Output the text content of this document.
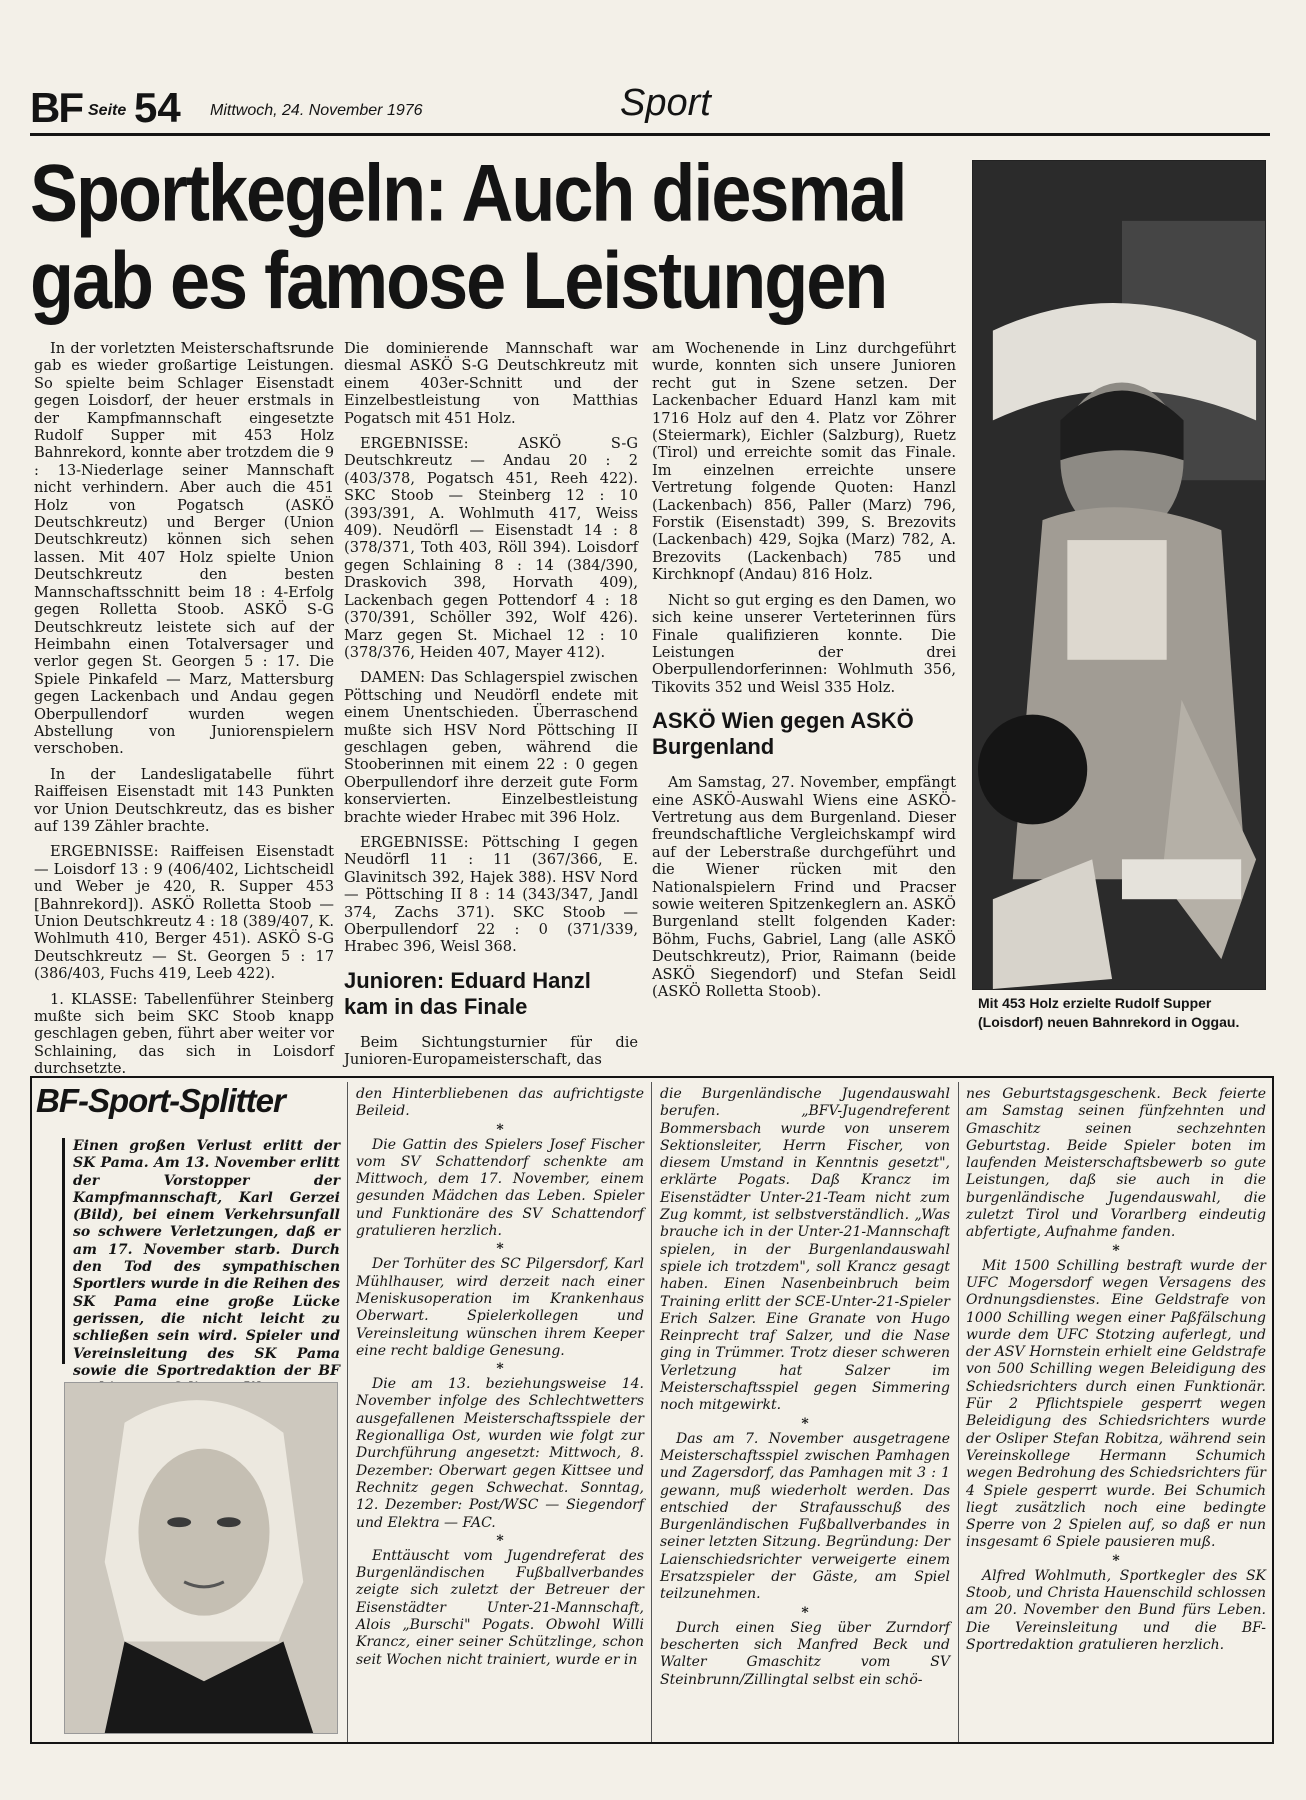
BF Seite 54 Mittwoch, 24. November 1976	Sport
Sportkegeln: Auch diesmal gab es famose Leistungen

In der vorletzten Meisterschaftsrunde gab es wieder großartige Leistungen. So spielte beim Schlager Eisenstadt gegen Loisdorf, der heuer erstmals in der Kampfmannschaft eingesetzte Rudolf Supper mit 453 Holz Bahnrekord, konnte aber trotzdem die 9 : 13-Niederlage seiner Mannschaft nicht verhindern. Aber auch die 451 Holz von Pogatsch (ASKÖ Deutschkreutz) und Berger (Union Deutschkreutz) können sich sehen lassen. Mit 407 Holz spielte Union Deutschkreutz den besten Mannschaftsschnitt beim 18 : 4-Erfolg gegen Rolletta Stoob. ASKÖ S-G Deutschkreutz leistete sich auf der Heimbahn einen Totalversager und verlor gegen St. Georgen 5 : 17. Die Spiele Pinkafeld — Marz, Mattersburg gegen Lackenbach und Andau gegen Oberpullendorf wurden wegen Abstellung von Juniorenspielern verschoben.

In der Landesligatabelle führt Raiffeisen Eisenstadt mit 143 Punkten vor Union Deutschkreutz, das es bisher auf 139 Zähler brachte.

ERGEBNISSE: Raiffeisen Eisenstadt — Loisdorf 13 : 9 (406/402, Lichtscheidl und Weber je 420, R. Supper 453 [Bahnrekord]). ASKÖ Rolletta Stoob — Union Deutschkreutz 4 : 18 (389/407, K. Wohlmuth 410, Berger 451). ASKÖ S-G Deutschkreutz — St. Georgen 5 : 17 (386/403, Fuchs 419, Leeb 422).

1. KLASSE: Tabellenführer Steinberg mußte sich beim SKC Stoob knapp geschlagen geben, führt aber weiter vor Schlaining, das sich in Loisdorf durchsetzte.

Die dominierende Mannschaft war diesmal ASKÖ S-G Deutschkreutz mit einem 403er-Schnitt und der Einzelbestleistung von Matthias Pogatsch mit 451 Holz.

ERGEBNISSE: ASKÖ S-G Deutschkreutz — Andau 20 : 2 (403/378, Pogatsch 451, Reeh 422). SKC Stoob — Steinberg 12 : 10 (393/391, A. Wohlmuth 417, Weiss 409). Neudörfl — Eisenstadt 14 : 8 (378/371, Toth 403, Röll 394). Loisdorf gegen Schlaining 8 : 14 (384/390, Draskovich 398, Horvath 409), Lackenbach gegen Pottendorf 4 : 18 (370/391, Schöller 392, Wolf 426). Marz gegen St. Michael 12 : 10 (378/376, Heiden 407, Mayer 412).

DAMEN: Das Schlagerspiel zwischen Pöttsching und Neudörfl endete mit einem Unentschieden. Überraschend mußte sich HSV Nord Pöttsching II geschlagen geben, während die Stooberinnen mit einem 22 : 0 gegen Oberpullendorf ihre derzeit gute Form konservierten. Einzelbestleistung brachte wieder Hrabec mit 396 Holz.

ERGEBNISSE: Pöttsching I gegen Neudörfl 11 : 11 (367/366, E. Glavinitsch 392, Hajek 388). HSV Nord — Pöttsching II 8 : 14 (343/347, Jandl 374, Zachs 371). SKC Stoob — Oberpullendorf 22 : 0 (371/339, Hrabec 396, Weisl 368.

Junioren: Eduard Hanzl kam in das Finale

Beim Sichtungsturnier für die Junioren-Europameisterschaft, das

am Wochenende in Linz durchgeführt wurde, konnten sich unsere Junioren recht gut in Szene setzen. Der Lackenbacher Eduard Hanzl kam mit 1716 Holz auf den 4. Platz vor Zöhrer (Steiermark), Eichler (Salzburg), Ruetz (Tirol) und erreichte somit das Finale. Im einzelnen erreichte unsere Vertretung folgende Quoten: Hanzl (Lackenbach) 856, Paller (Marz) 796, Forstik (Eisenstadt) 399, S. Brezovits (Lackenbach) 429, Sojka (Marz) 782, A. Brezovits (Lackenbach) 785 und Kirchknopf (Andau) 816 Holz.

Nicht so gut erging es den Damen, wo sich keine unserer Verteterinnen fürs Finale qualifizieren konnte. Die Leistungen der drei Oberpullendorferinnen: Wohlmuth 356, Tikovits 352 und Weisl 335 Holz.

ASKÖ Wien gegen ASKÖ Burgenland

Am Samstag, 27. November, empfängt eine ASKÖ-Auswahl Wiens eine ASKÖ-Vertretung aus dem Burgenland. Dieser freundschaftliche Vergleichskampf wird auf der Leberstraße durchgeführt und die Wiener rücken mit den Nationalspielern Frind und Pracser sowie weiteren Spitzenkeglern an. ASKÖ Burgenland stellt folgenden Kader: Böhm, Fuchs, Gabriel, Lang (alle ASKÖ Deutschkreutz), Prior, Raimann (beide ASKÖ Siegendorf) und Stefan Seidl (ASKÖ Rolletta Stoob).

Mit 453 Holz erzielte Rudolf Supper (Loisdorf) neuen Bahnrekord in Oggau.
BF-Sport-Splitter
Einen großen Verlust erlitt der SK Pama. Am 13. November erlitt der Vorstopper der Kampfmannschaft, Karl Gerzei (Bild), bei einem Verkehrsunfall so schwere Verletzungen, daß er am 17. November starb. Durch den Tod des sympathischen Sportlers wurde in die Reihen des SK Pama eine große Lücke gerissen, die nicht leicht zu schließen sein wird. Spieler und Vereinsleitung des SK Pama sowie die Sportredaktion der BF

den Hinterbliebenen das aufrichtigste Beileid.

*

Die Gattin des Spielers Josef Fischer vom SV Schattendorf schenkte am Mittwoch, dem 17. November, einem gesunden Mädchen das Leben. Spieler und Funktionäre des SV Schattendorf gratulieren herzlich.

*

Der Torhüter des SC Pilgersdorf, Karl Mühlhauser, wird derzeit nach einer Meniskusoperation im Krankenhaus Oberwart. Spielerkollegen und Vereinsleitung wünschen ihrem Keeper eine recht baldige Genesung.

*

Die am 13. beziehungsweise 14. November infolge des Schlechtwetters ausgefallenen Meisterschaftsspiele der Regionalliga Ost, wurden wie folgt zur Durchführung angesetzt: Mittwoch, 8. Dezember: Oberwart gegen Kittsee und Rechnitz gegen Schwechat. Sonntag, 12. Dezember: Post/WSC — Siegendorf und Elektra — FAC.

*

Enttäuscht vom Jugendreferat des Burgenländischen Fußballverbandes zeigte sich zuletzt der Betreuer der Eisenstädter Unter-21-Mannschaft, Alois „Burschi" Pogats. Obwohl Willi Krancz, einer seiner Schützlinge, schon seit Wochen nicht trainiert, wurde er in

die Burgenländische Jugendauswahl berufen. „BFV-Jugendreferent Bommersbach wurde von unserem Sektionsleiter, Herrn Fischer, von diesem Umstand in Kenntnis gesetzt", erklärte Pogats. Daß Krancz im Eisenstädter Unter-21-Team nicht zum Zug kommt, ist selbstverständlich. „Was brauche ich in der Unter-21-Mannschaft spielen, in der Burgenlandauswahl spiele ich trotzdem", soll Krancz gesagt haben. Einen Nasenbeinbruch beim Training erlitt der SCE-Unter-21-Spieler Erich Salzer. Eine Granate von Hugo Reinprecht traf Salzer, und die Nase ging in Trümmer. Trotz dieser schweren Verletzung hat Salzer im Meisterschaftsspiel gegen Simmering noch mitgewirkt.

*

Das am 7. November ausgetragene Meisterschaftsspiel zwischen Pamhagen und Zagersdorf, das Pamhagen mit 3 : 1 gewann, muß wiederholt werden. Das entschied der Strafausschuß des Burgenländischen Fußballverbandes in seiner letzten Sitzung. Begründung: Der Laienschiedsrichter verweigerte einem Ersatzspieler der Gäste, am Spiel teilzunehmen.

*

Durch einen Sieg über Zurndorf bescherten sich Manfred Beck und Walter Gmaschitz vom SV Steinbrunn/Zillingtal selbst ein schö-

nes Geburtstagsgeschenk. Beck feierte am Samstag seinen fünfzehnten und Gmaschitz seinen sechzehnten Geburtstag. Beide Spieler boten im laufenden Meisterschaftsbewerb so gute Leistungen, daß sie auch in die burgenländische Jugendauswahl, die zuletzt Tirol und Vorarlberg eindeutig abfertigte, Aufnahme fanden.

*

Mit 1500 Schilling bestraft wurde der UFC Mogersdorf wegen Versagens des Ordnungsdienstes. Eine Geldstrafe von 1000 Schilling wegen einer Paßfälschung wurde dem UFC Stotzing auferlegt, und der ASV Hornstein erhielt eine Geldstrafe von 500 Schilling wegen Beleidigung des Schiedsrichters durch einen Funktionär. Für 2 Pflichtspiele gesperrt wegen Beleidigung des Schiedsrichters wurde der Osliper Stefan Robitza, während sein Vereinskollege Hermann Schumich wegen Bedrohung des Schiedsrichters für 4 Spiele gesperrt wurde. Bei Schumich liegt zusätzlich noch eine bedingte Sperre von 2 Spielen auf, so daß er nun insgesamt 6 Spiele pausieren muß.

*

Alfred Wohlmuth, Sportkegler des SK Stoob, und Christa Hauenschild schlossen am 20. November den Bund fürs Leben. Die Vereinsleitung und die BF-Sportredaktion gratulieren herzlich.
